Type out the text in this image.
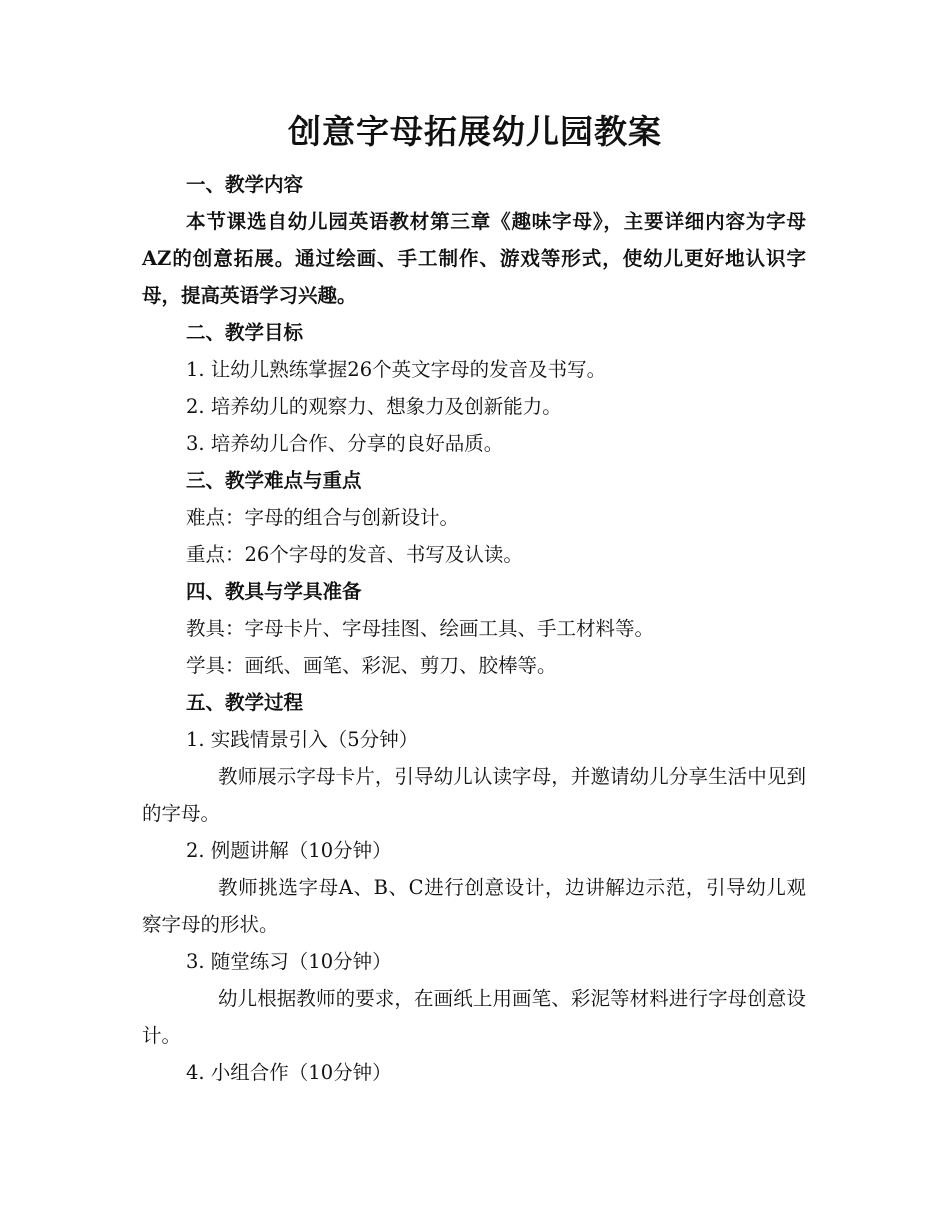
创意字母拓展幼儿园教案

一、教学内容

本节课选自幼儿园英语教材第三章《趣味字母》，主要详细内容为字母AZ的创意拓展。通过绘画、手工制作、游戏等形式，使幼儿更好地认识字母，提高英语学习兴趣。

二、教学目标

1. 让幼儿熟练掌握26个英文字母的发音及书写。

2. 培养幼儿的观察力、想象力及创新能力。

3. 培养幼儿合作、分享的良好品质。

三、教学难点与重点

难点：字母的组合与创新设计。

重点：26个字母的发音、书写及认读。

四、教具与学具准备

教具：字母卡片、字母挂图、绘画工具、手工材料等。

学具：画纸、画笔、彩泥、剪刀、胶棒等。

五、教学过程

1. 实践情景引入（5分钟）

教师展示字母卡片，引导幼儿认读字母，并邀请幼儿分享生活中见到的字母。

2. 例题讲解（10分钟）

教师挑选字母A、B、C进行创意设计，边讲解边示范，引导幼儿观察字母的形状。

3. 随堂练习（10分钟）

幼儿根据教师的要求，在画纸上用画笔、彩泥等材料进行字母创意设计。

4. 小组合作（10分钟）
